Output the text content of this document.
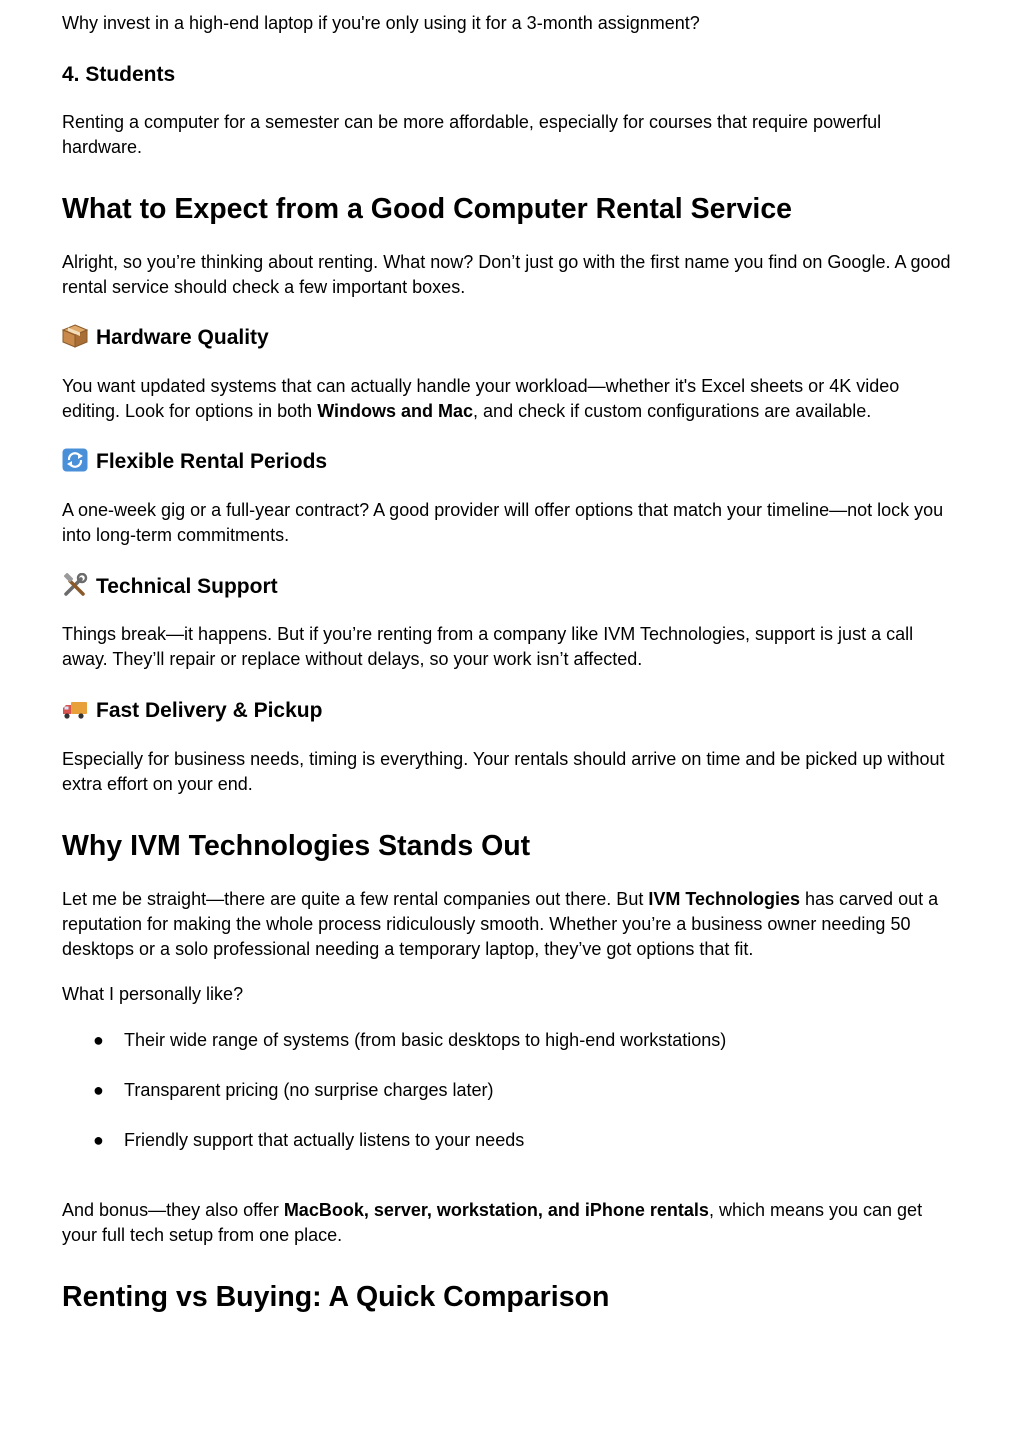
Why invest in a high-end laptop if you're only using it for a 3-month assignment?

4. Students

Renting a computer for a semester can be more affordable, especially for courses that require powerful hardware.

What to Expect from a Good Computer Rental Service

Alright, so you’re thinking about renting. What now? Don’t just go with the first name you find on Google. A good rental service should check a few important boxes.

Hardware Quality

You want updated systems that can actually handle your workload—whether it's Excel sheets or 4K video editing. Look for options in both Windows and Mac, and check if custom configurations are available.

Flexible Rental Periods

A one-week gig or a full-year contract? A good provider will offer options that match your timeline—not lock you into long-term commitments.

Technical Support

Things break—it happens. But if you’re renting from a company like IVM Technologies, support is just a call away. They’ll repair or replace without delays, so your work isn’t affected.

Fast Delivery & Pickup

Especially for business needs, timing is everything. Your rentals should arrive on time and be picked up without extra effort on your end.

Why IVM Technologies Stands Out

Let me be straight—there are quite a few rental companies out there. But IVM Technologies has carved out a reputation for making the whole process ridiculously smooth. Whether you’re a business owner needing 50 desktops or a solo professional needing a temporary laptop, they’ve got options that fit.

What I personally like?

● Their wide range of systems (from basic desktops to high-end workstations)
● Transparent pricing (no surprise charges later)
● Friendly support that actually listens to your needs

And bonus—they also offer MacBook, server, workstation, and iPhone rentals, which means you can get your full tech setup from one place.

Renting vs Buying: A Quick Comparison
